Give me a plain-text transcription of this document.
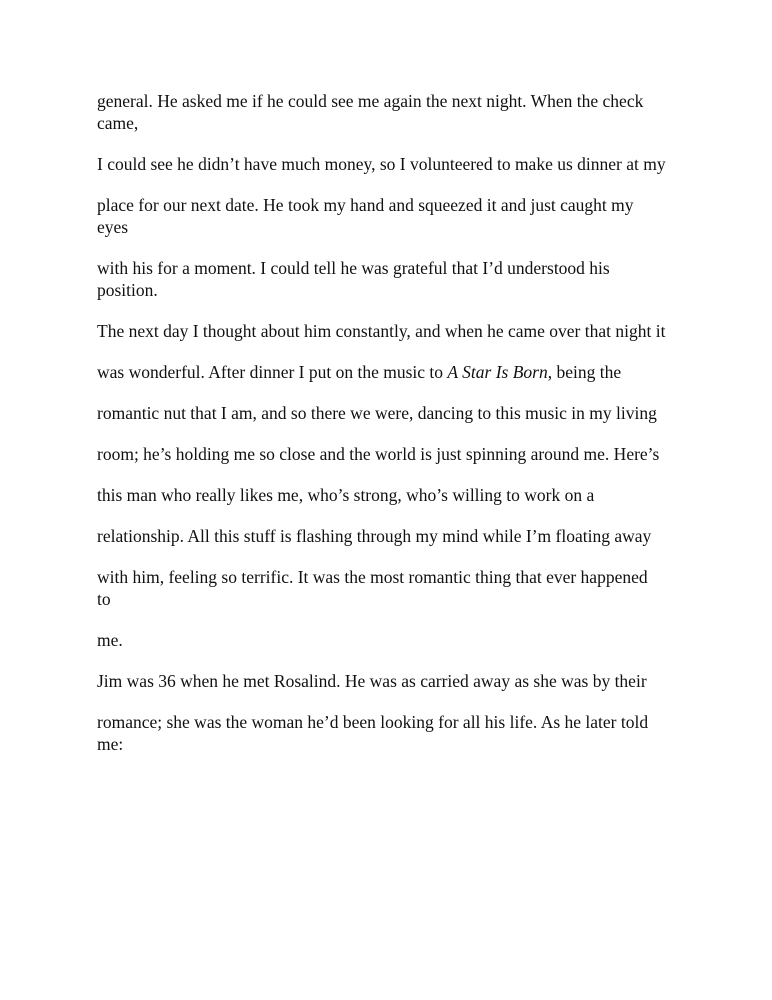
general. He asked me if he could see me again the next night. When the check came,

I could see he didn’t have much money, so I volunteered to make us dinner at my

place for our next date. He took my hand and squeezed it and just caught my eyes

with his for a moment. I could tell he was grateful that I’d understood his position.

The next day I thought about him constantly, and when he came over that night it

was wonderful. After dinner I put on the music to A Star Is Born, being the

romantic nut that I am, and so there we were, dancing to this music in my living

room; he’s holding me so close and the world is just spinning around me. Here’s

this man who really likes me, who’s strong, who’s willing to work on a

relationship. All this stuff is flashing through my mind while I’m floating away

with him, feeling so terrific. It was the most romantic thing that ever happened to

me.

Jim was 36 when he met Rosalind. He was as carried away as she was by their

romance; she was the woman he’d been looking for all his life. As he later told me:
